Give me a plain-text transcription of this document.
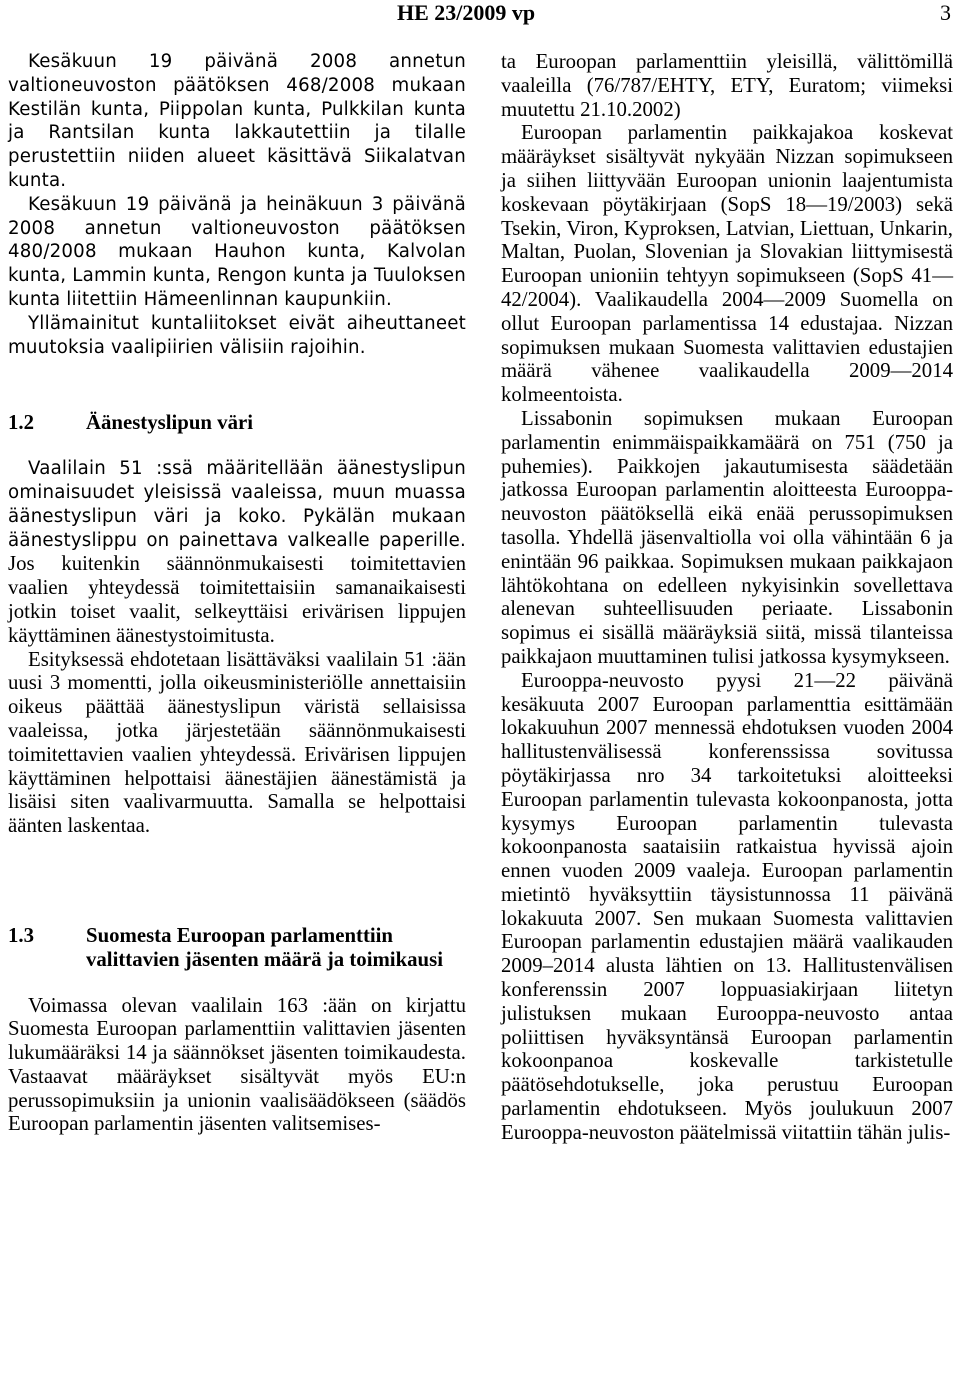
HE 23/2009 vp	3

Kesäkuun 19 päivänä 2008 annetun valtioneuvoston päätöksen 468/2008 mukaan Kestilän kunta, Piippolan kunta, Pulkkilan kunta ja Rantsilan kunta lakkautettiin ja tilalle perustettiin niiden alueet käsittävä Siikalatvan kunta.

Kesäkuun 19 päivänä ja heinäkuun 3 päivänä 2008 annetun valtioneuvoston päätöksen 480/2008 mukaan Hauhon kunta, Kalvolan kunta, Lammin kunta, Rengon kunta ja Tuuloksen kunta liitettiin Hämeenlinnan kaupunkiin.

Yllämainitut kuntaliitokset eivät aiheuttaneet muutoksia vaalipiirien välisiin rajoihin.

1.2	Äänestyslipun väri

Vaalilain 51 :ssä määritellään äänestyslipun ominaisuudet yleisissä vaaleissa, muun muassa äänestyslipun väri ja koko. Pykälän mukaan äänestyslippu on painettava valkealle paperille. Jos kuitenkin säännönmukaisesti toimitettavien vaalien yhteydessä toimitettaisiin samanaikaisesti jotkin toiset vaalit, selkeyttäisi erivärisen lippujen käyttäminen äänestystoimitusta.

Esityksessä ehdotetaan lisättäväksi vaalilain 51 :ään uusi 3 momentti, jolla oikeusministeriölle annettaisiin oikeus päättää äänestyslipun väristä sellaisissa vaaleissa, jotka järjestetään säännönmukaisesti toimitettavien vaalien yhteydessä. Erivärisen lippujen käyttäminen helpottaisi äänestäjien äänestämistä ja lisäisi siten vaalivarmuutta. Samalla se helpottaisi äänten laskentaa.

1.3	Suomesta Euroopan parlamenttiin valittavien jäsenten määrä ja toimikausi

Voimassa olevan vaalilain 163 :ään on kirjattu Suomesta Euroopan parlamenttiin valittavien jäsenten lukumääräksi 14 ja säännökset jäsenten toimikaudesta. Vastaavat määräykset sisältyvät myös EU:n perussopimuksiin ja unionin vaalisäädökseen (säädös Euroopan parlamentin jäsenten valitsemises-

ta Euroopan parlamenttiin yleisillä, välittömillä vaaleilla (76/787/EHTY, ETY, Euratom; viimeksi muutettu 21.10.2002)

Euroopan parlamentin paikkajakoa koskevat määräykset sisältyvät nykyään Nizzan sopimukseen ja siihen liittyvään Euroopan unionin laajentumista koskevaan pöytäkirjaan (SopS 18—19/2003) sekä Tsekin, Viron, Kyproksen, Latvian, Liettuan, Unkarin, Maltan, Puolan, Slovenian ja Slovakian liittymisestä Euroopan unioniin tehtyyn sopimukseen (SopS 41—42/2004). Vaalikaudella 2004—2009 Suomella on ollut Euroopan parlamentissa 14 edustajaa. Nizzan sopimuksen mukaan Suomesta valittavien edustajien määrä vähenee vaalikaudella 2009—2014 kolmeentoista.

Lissabonin sopimuksen mukaan Euroopan parlamentin enimmäispaikkamäärä on 751 (750 ja puhemies). Paikkojen jakautumisesta säädetään jatkossa Euroopan parlamentin aloitteesta Eurooppa-neuvoston päätöksellä eikä enää perussopimuksen tasolla. Yhdellä jäsenvaltiolla voi olla vähintään 6 ja enintään 96 paikkaa. Sopimuksen mukaan paikkajaon lähtökohtana on edelleen nykyisinkin sovellettava alenevan suhteellisuuden periaate. Lissabonin sopimus ei sisällä määräyksiä siitä, missä tilanteissa paikkajaon muuttaminen tulisi jatkossa kysymykseen.

Eurooppa-neuvosto pyysi 21—22 päivänä kesäkuuta 2007 Euroopan parlamenttia esittämään lokakuuhun 2007 mennessä ehdotuksen vuoden 2004 hallitustenvälisessä konferenssissa sovitussa pöytäkirjassa nro 34 tarkoitetuksi aloitteeksi Euroopan parlamentin tulevasta kokoonpanosta, jotta kysymys Euroopan parlamentin tulevasta kokoonpanosta saataisiin ratkaistua hyvissä ajoin ennen vuoden 2009 vaaleja. Euroopan parlamentin mietintö hyväksyttiin täysistunnossa 11 päivänä lokakuuta 2007. Sen mukaan Suomesta valittavien Euroopan parlamentin edustajien määrä vaalikauden 2009–2014 alusta lähtien on 13. Hallitustenvälisen konferenssin 2007 loppuasiakirjaan liitetyn julistuksen mukaan Eurooppa-neuvosto antaa poliittisen hyväksyntänsä Euroopan parlamentin kokoonpanoa koskevalle tarkistetulle päätösehdotukselle, joka perustuu Euroopan parlamentin ehdotukseen. Myös joulukuun 2007 Eurooppa-neuvoston päätelmissä viitattiin tähän julis-
